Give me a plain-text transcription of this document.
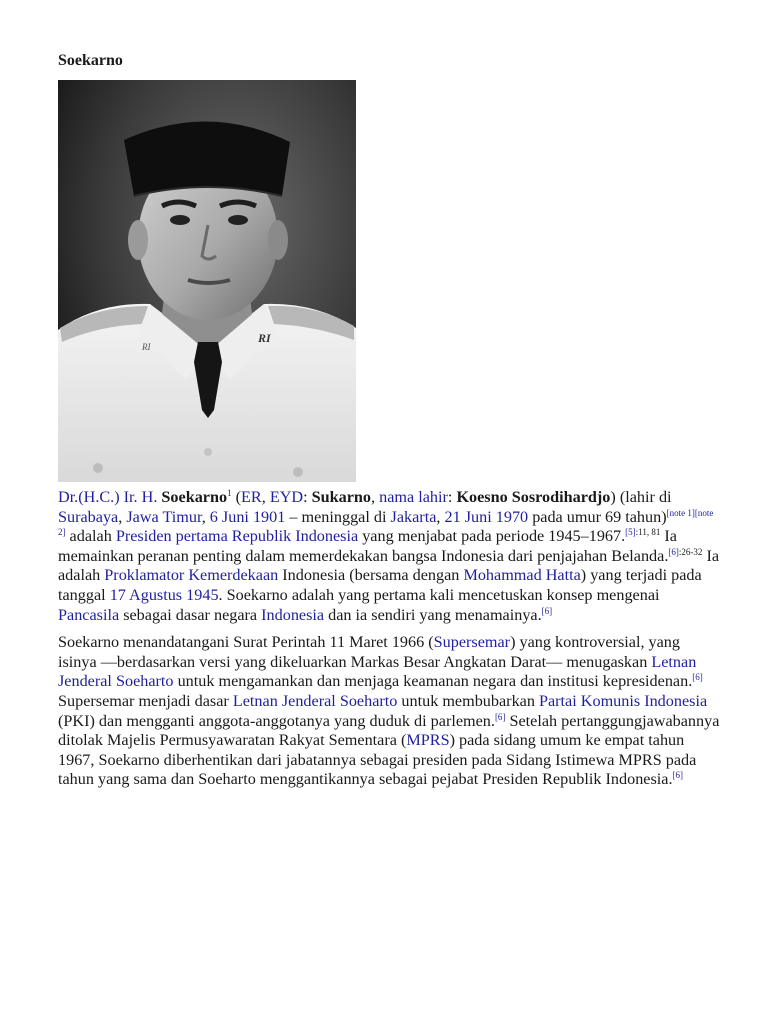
Soekarno
RI
RI

Dr.(H.C.) Ir. H. Soekarno$^1$ (ER, EYD: Sukarno, nama lahir: Koesno Sosrodihardjo) (lahir di Surabaya, Jawa Timur, 6 Juni 1901 – meninggal di Jakarta, 21 Juni 1970 pada umur 69 tahun)[note 1][note 2] adalah Presiden pertama Republik Indonesia yang menjabat pada periode 1945–1967.$^{[5]:11, 81}$ Ia memainkan peranan penting dalam memerdekakan bangsa Indonesia dari penjajahan Belanda.$^{[6]:26-32}$ Ia adalah Proklamator Kemerdekaan Indonesia (bersama dengan Mohammad Hatta) yang terjadi pada tanggal 17 Agustus 1945. Soekarno adalah yang pertama kali mencetuskan konsep mengenai Pancasila sebagai dasar negara Indonesia dan ia sendiri yang menamainya.[6]

Soekarno menandatangani Surat Perintah 11 Maret 1966 (Supersemar) yang kontroversial, yang isinya —berdasarkan versi yang dikeluarkan Markas Besar Angkatan Darat— menugaskan Letnan Jenderal Soeharto untuk mengamankan dan menjaga keamanan negara dan institusi kepresidenan.[6] Supersemar menjadi dasar Letnan Jenderal Soeharto untuk membubarkan Partai Komunis Indonesia (PKI) dan mengganti anggota-anggotanya yang duduk di parlemen.[6] Setelah pertanggungjawabannya ditolak Majelis Permusyawaratan Rakyat Sementara (MPRS) pada sidang umum ke empat tahun 1967, Soekarno diberhentikan dari jabatannya sebagai presiden pada Sidang Istimewa MPRS pada tahun yang sama dan Soeharto menggantikannya sebagai pejabat Presiden Republik Indonesia.[6]
